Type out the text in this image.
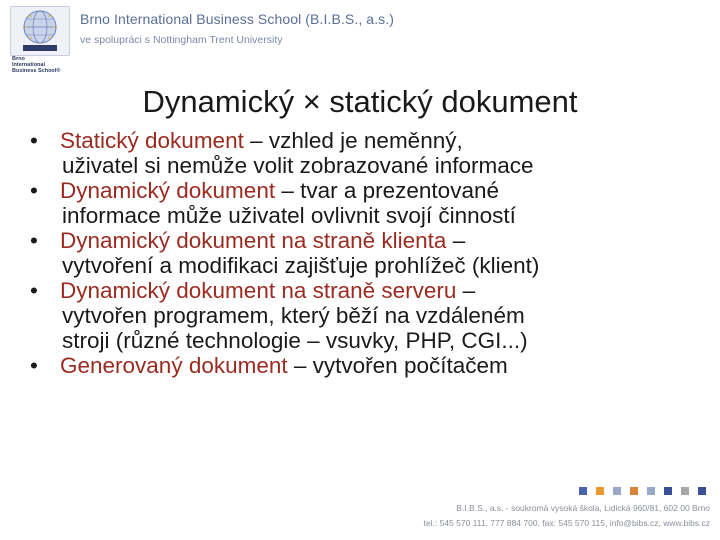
Brno
International
Business School®
Brno International Business School (B.I.B.S., a.s.)
ve spolupráci s Nottingham Trent University
Dynamický × statický dokument
• Statický dokument – vzhled je neměnný,
uživatel si nemůže volit zobrazované informace
• Dynamický dokument – tvar a prezentované
informace může uživatel ovlivnit svojí činností
• Dynamický dokument na straně klienta –
vytvoření a modifikaci zajišťuje prohlížeč (klient)
• Dynamický dokument na straně serveru –
vytvořen programem, který běží na vzdáleném
stroji (různé technologie – vsuvky, PHP, CGI...)
• Generovaný dokument – vytvořen počítačem
B.I.B.S., a.s. - soukromá vysoká škola, Lidická 960/81, 602 00 Brno
tel.: 545 570 111, 777 884 700, fax: 545 570 115, info@bibs.cz, www.bibs.cz
